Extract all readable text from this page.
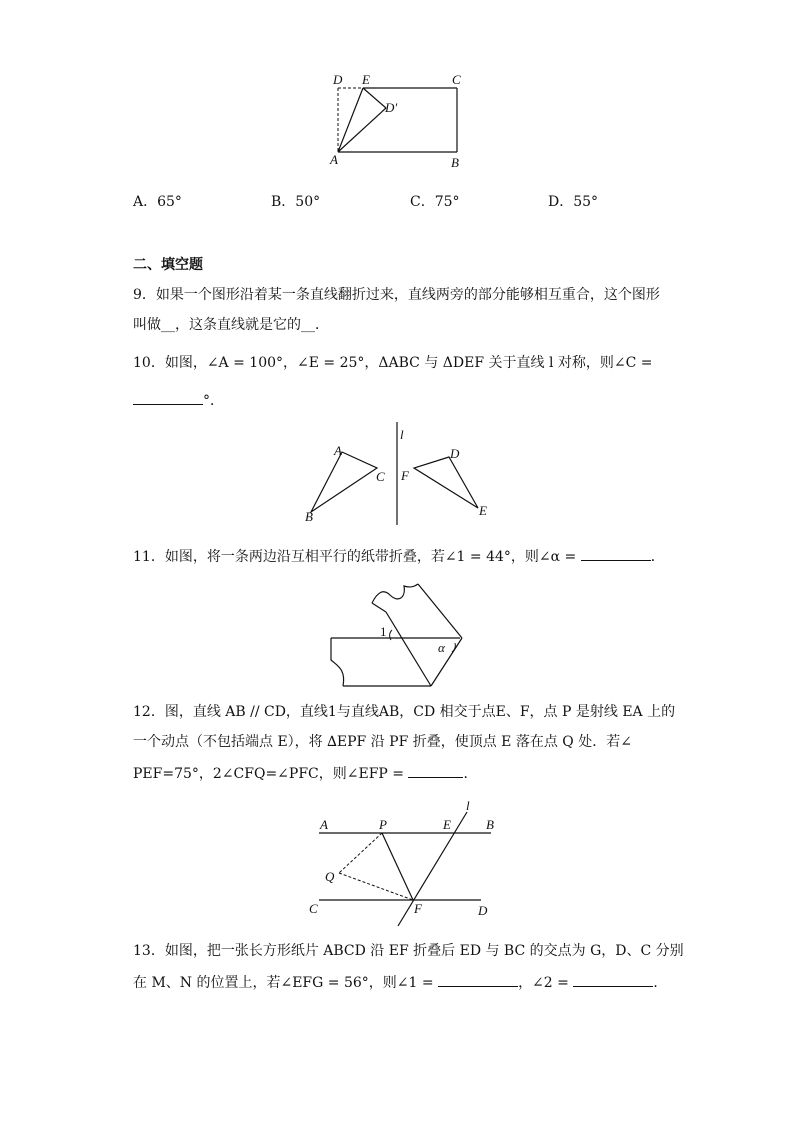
D E	C
D′
A	B
A．65°	B．50°	C．75°	D．55°
二、填空题
9．如果一个图形沿着某一条直线翻折过来，直线两旁的部分能够相互重合，这个图形
叫做__，这条直线就是它的__．
10．如图，∠A = 100°，∠E = 25°，ΔABC 与 ΔDEF 关于直线 l 对称，则∠C =
°．
l
A
C
B
D
F
E
11．如图，将一条两边沿互相平行的纸带折叠，若∠1 = 44°，则∠α =	．
1
α
12．图，直线 AB // CD，直线1与直线AB，CD 相交于点E、F，点 P 是射线 EA 上的
一个动点（不包括端点 E），将 ∆EPF 沿 PF 折叠，使顶点 E 落在点 Q 处．若∠
PEF=75°，2∠CFQ=∠PFC，则∠EFP =	．
A	P	E	B
l
Q
C	F	D
13．如图，把一张长方形纸片 ABCD 沿 EF 折叠后 ED 与 BC 的交点为 G，D、C 分别
在 M、N 的位置上，若∠EFG = 56°，则∠1 =	，∠2 =	．
